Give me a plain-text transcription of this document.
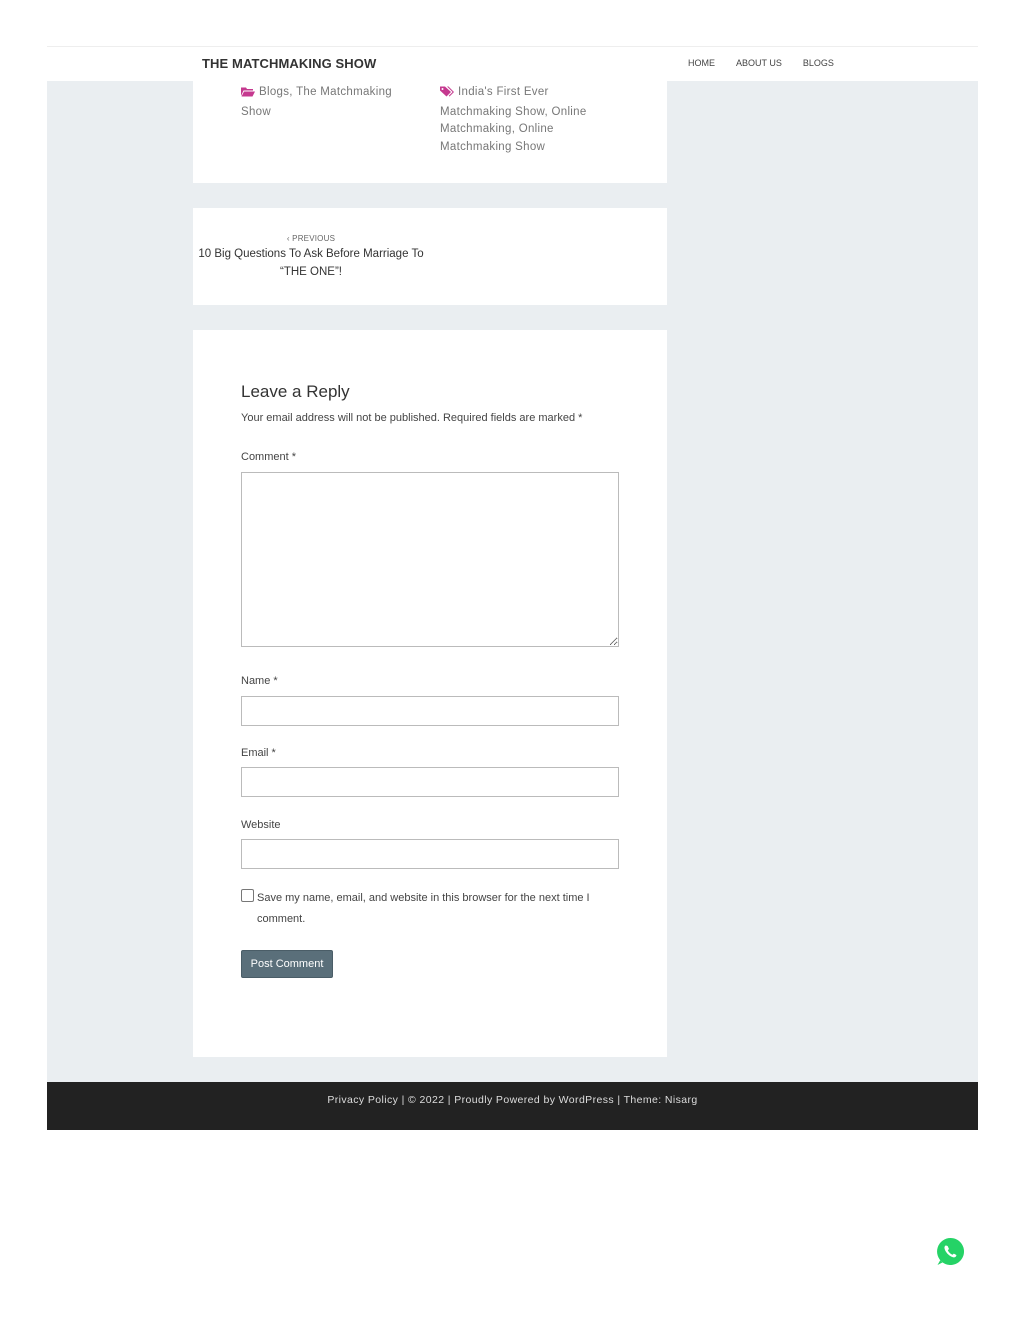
THE MATCHMAKING SHOW	HOME ABOUT US BLOGS
Blogs, The Matchmaking Show
India's First Ever Matchmaking Show, Online Matchmaking, Online Matchmaking Show
‹ PREVIOUS
10 Big Questions To Ask Before Marriage To “THE ONE”!
Leave a Reply

Your email address will not be published. Required fields are marked *

Comment *
Name *
Email *
Website
Save my name, email, and website in this browser for the next time I comment.
Post Comment
Privacy Policy | © 2022 | Proudly Powered by WordPress | Theme: Nisarg
